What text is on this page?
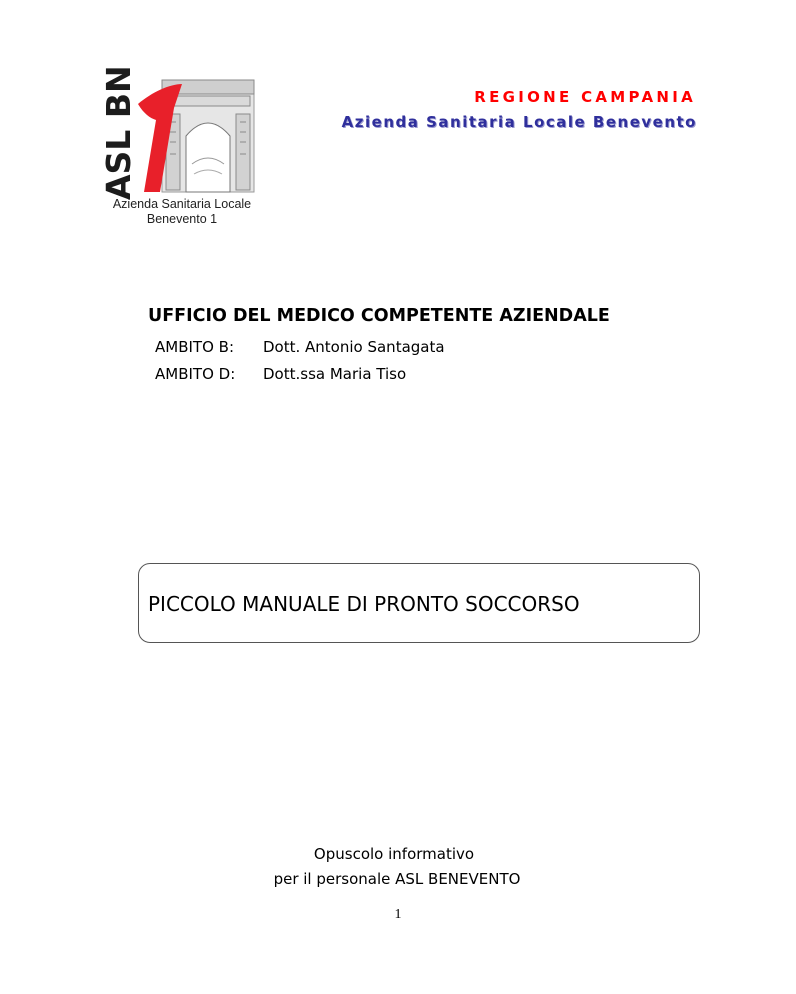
ASL BN
Azienda Sanitaria Locale
Benevento 1
REGIONE CAMPANIA
Azienda Sanitaria Locale Benevento
UFFICIO DEL MEDICO COMPETENTE AZIENDALE
AMBITO B: Dott. Antonio Santagata
AMBITO D: Dott.ssa Maria Tiso
PICCOLO MANUALE DI PRONTO SOCCORSO
Opuscolo informativo
per il personale ASL BENEVENTO
1
